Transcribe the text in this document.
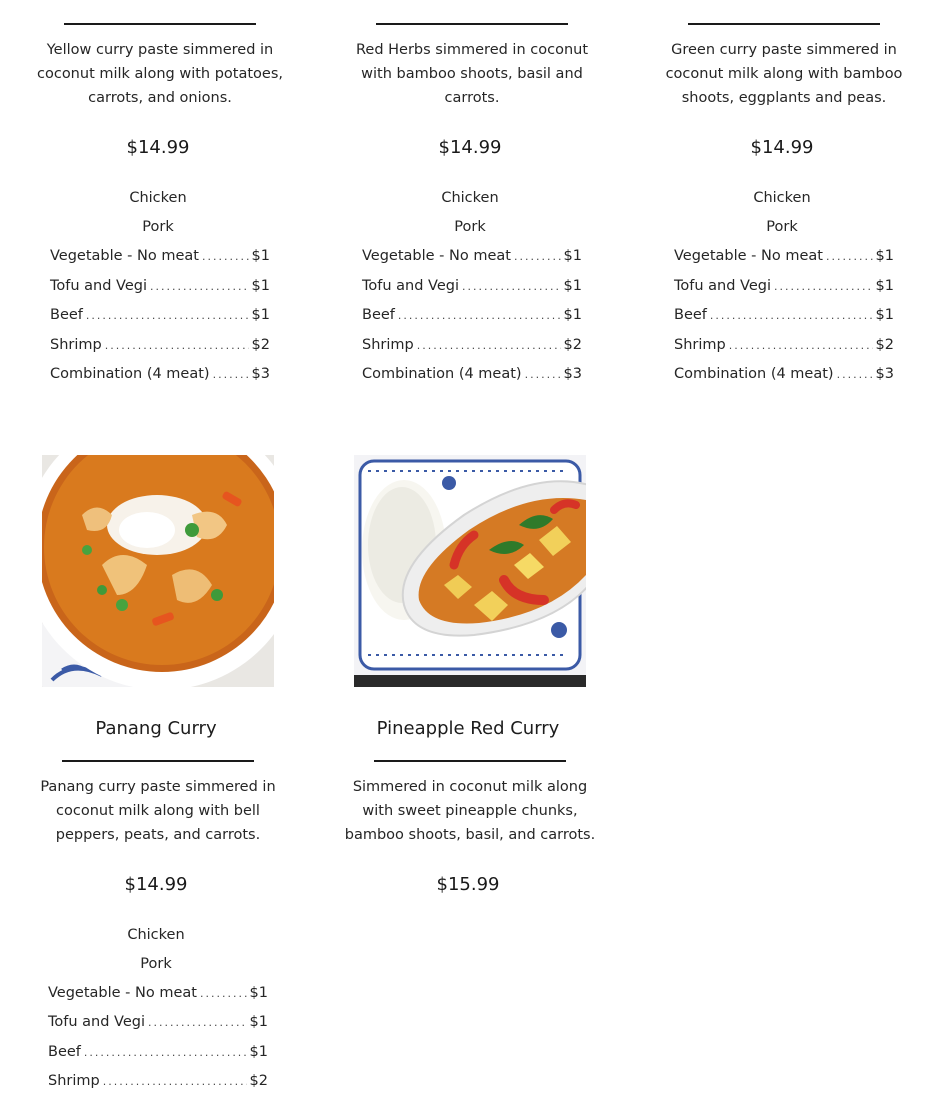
Yellow curry paste simmered in coconut milk along with potatoes, carrots, and onions.
$14.99
Chicken
Pork
Vegetable - No meat .....	$1
Tofu and Vegi .....	$1
Beef .....	$1
Shrimp .....	$2
Combination (4 meat) .....	$3
Red Herbs simmered in coconut with bamboo shoots, basil and carrots.
$14.99
Chicken
Pork
Vegetable - No meat .....	$1
Tofu and Vegi .....	$1
Beef .....	$1
Shrimp .....	$2
Combination (4 meat) .....	$3
Green curry paste simmered in coconut milk along with bamboo shoots, eggplants and peas.
$14.99
Chicken
Pork
Vegetable - No meat .....	$1
Tofu and Vegi .....	$1
Beef .....	$1
Shrimp .....	$2
Combination (4 meat) .....	$3
Panang Curry
Panang curry paste simmered in coconut milk along with bell peppers, peats, and carrots.
$14.99
Chicken
Pork
Vegetable - No meat .....	$1
Tofu and Vegi .....	$1
Beef .....	$1
Shrimp .....	$2
Pineapple Red Curry
Simmered in coconut milk along with sweet pineapple chunks, bamboo shoots, basil, and carrots.
$15.99
